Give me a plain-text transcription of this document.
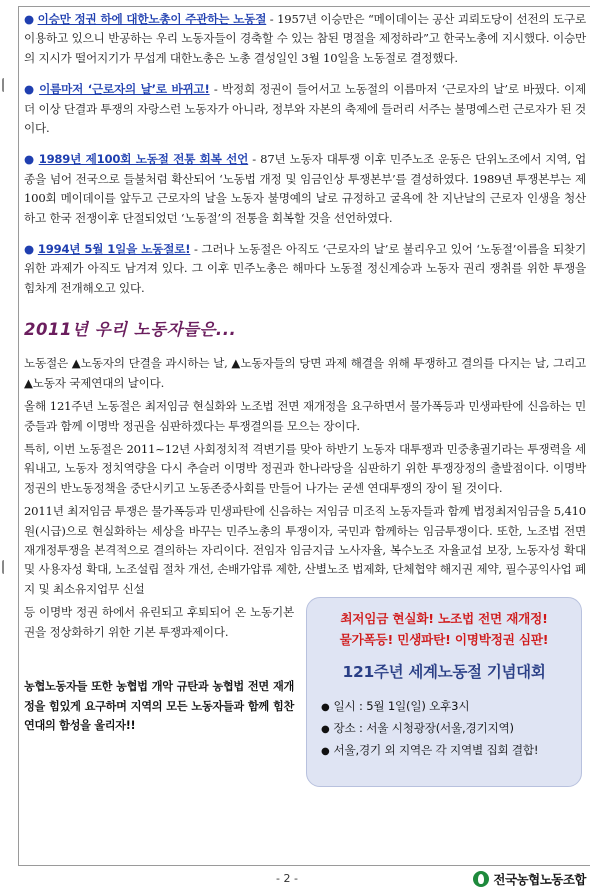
● 이승만 정권 하에 대한노총이 주관하는 노동절 - 1957년 이승만은 “메이데이는 공산 괴뢰도당이 선전의 도구로 이용하고 있으니 반공하는 우리 노동자들이 경축할 수 있는 참된 명절을 제정하라”고 한국노총에 지시했다. 이승만의 지시가 떨어지기가 무섭게 대한노총은 노총 결성일인 3월 10일을 노동절로 결정했다.
● 이름마저 ‘근로자의 날’로 바뀌고! - 박정희 정권이 들어서고 노동절의 이름마저 ‘근로자의 날’로 바꿨다. 이제 더 이상 단결과 투쟁의 자랑스런 노동자가 아니라, 정부와 자본의 축제에 들러리 서주는 불명예스런 근로자가 된 것이다.
● 1989년 제100회 노동절 전통 회복 선언 - 87년 노동자 대투쟁 이후 민주노조 운동은 단위노조에서 지역, 업종을 넘어 전국으로 들불처럼 확산되어 ‘노동법 개정 및 임금인상 투쟁본부’를 결성하였다. 1989년 투쟁본부는 제100회 메이데이를 앞두고 근로자의 날을 노동자 불명예의 날로 규정하고 굴욕에 찬 지난날의 근로자 인생을 청산하고 한국 전쟁이후 단절되었던 ‘노동절’의 전통을 회복할 것을 선언하였다.
● 1994년 5월 1일을 노동절로! - 그러나 노동절은 아직도 ‘근로자의 날’로 불리우고 있어 ‘노동절’이름을 되찾기 위한 과제가 아직도 남겨져 있다. 그 이후 민주노총은 해마다 노동절 정신계승과 노동자 권리 쟁취를 위한 투쟁을 힘차게 전개해오고 있다.
2011년 우리 노동자들은...

노동절은 ▲노동자의 단결을 과시하는 날, ▲노동자들의 당면 과제 해결을 위해 투쟁하고 결의를 다지는 날, 그리고 ▲노동자 국제연대의 날이다.

올해 121주년 노동절은 최저임금 현실화와 노조법 전면 재개정을 요구하면서 물가폭등과 민생파탄에 신음하는 민중들과 함께 이명박 정권을 심판하겠다는 투쟁결의를 모으는 장이다.

특히, 이번 노동절은 2011~12년 사회정치적 격변기를 맞아 하반기 노동자 대투쟁과 민중총궐기라는 투쟁력을 세워내고, 노동자 정치역량을 다시 추슬러 이명박 정권과 한나라당을 심판하기 위한 투쟁장정의 출발점이다. 이명박 정권의 반노동정책을 중단시키고 노동존중사회를 만들어 나가는 굳센 연대투쟁의 장이 될 것이다.

2011년 최저임금 투쟁은 물가폭등과 민생파탄에 신음하는 저임금 미조직 노동자들과 함께 법정최저임금을 5,410원(시급)으로 현실화하는 세상을 바꾸는 민주노총의 투쟁이자, 국민과 함께하는 임금투쟁이다. 또한, 노조법 전면 재개정투쟁을 본격적으로 결의하는 자리이다. 전임자 임금지급 노사자율, 복수노조 자율교섭 보장, 노동자성 확대 및 사용자성 확대, 노조설립 절차 개선, 손배가압류 제한, 산별노조 법제화, 단체협약 해지권 제약, 필수공익사업 폐지 및 최소유지업무 신설

등 이명박 정권 하에서 유린되고 후퇴되어 온 노동기본권을 정상화하기 위한 기본 투쟁과제이다.

농협노동자들 또한 농협법 개악 규탄과 농협법 전면 재개정을 힘있게 요구하며 지역의 모든 노동자들과 함께 힘찬 연대의 함성을 울리자!!

최저임금 현실화! 노조법 전면 재개정!
물가폭등! 민생파탄! 이명박정권 심판!
121주년 세계노동절 기념대회
● 일시 : 5월 1일(일) 오후3시
● 장소 : 서울 시청광장(서울,경기지역)
● 서울,경기 외 지역은 각 지역별 집회 결합!
- 2 -	전국농협노동조합
